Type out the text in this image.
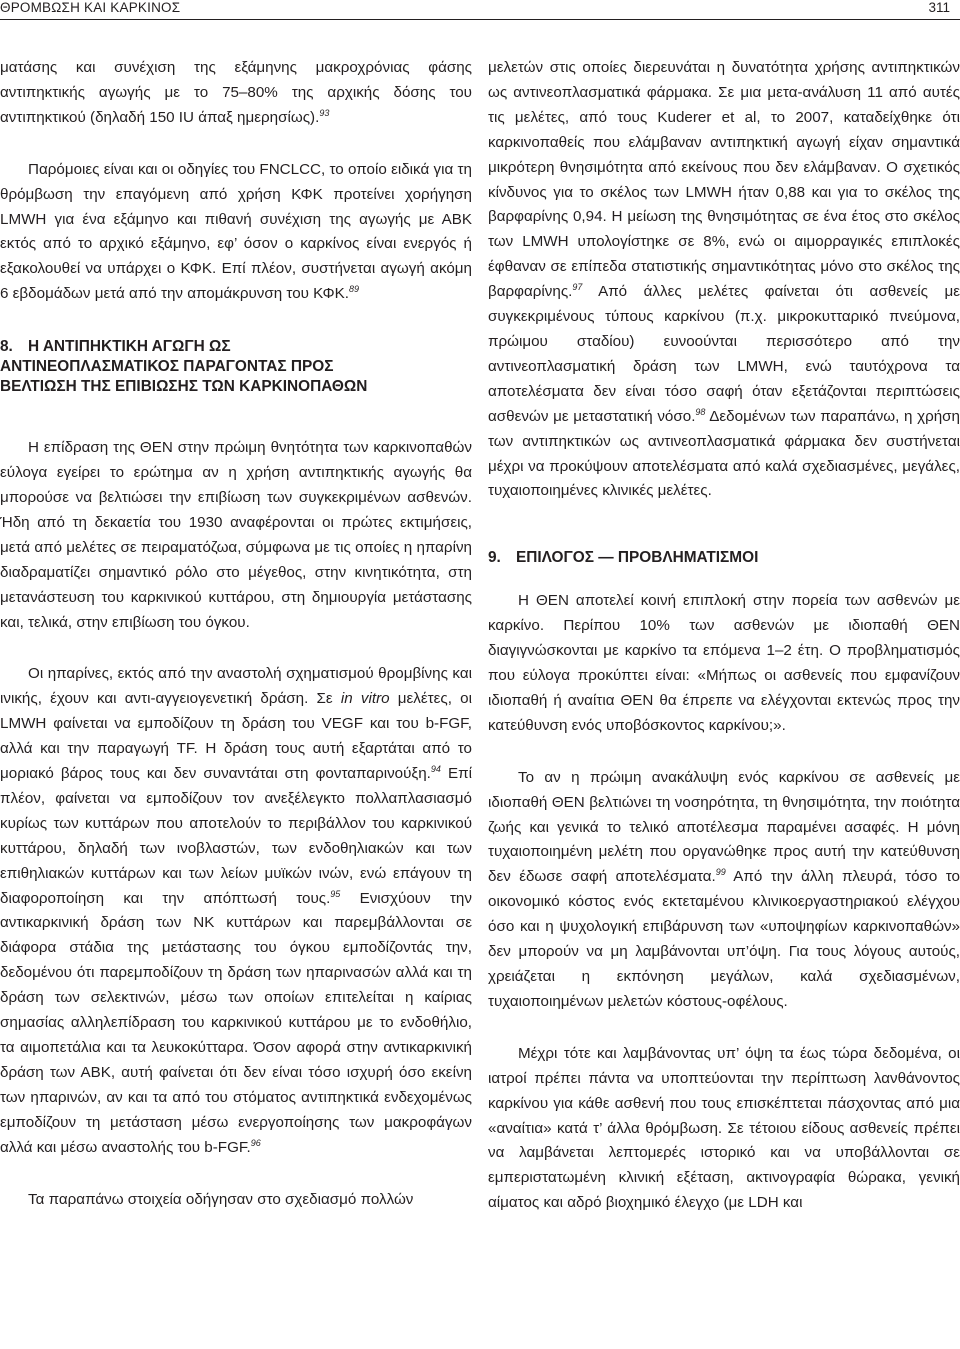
ΘΡΟΜΒΩΣΗ ΚΑΙ ΚΑΡΚΙΝΟΣ	311

ματάσης και συνέχιση της εξάμηνης μακροχρόνιας φάσης αντιπηκτικής αγωγής με το 75–80% της αρχικής δόσης του αντιπηκτικού (δηλαδή 150 IU άπαξ ημερησίως).$^{93}$

Παρόμοιες είναι και οι οδηγίες του FNCLCC, το οποίο ειδικά για τη θρόμβωση την επαγόμενη από χρήση ΚΦΚ προτείνει χορήγηση LMWH για ένα εξάμηνο και πιθανή συνέχιση της αγωγής με ΑΒΚ εκτός από το αρχικό εξάμηνο, εφ’ όσον ο καρκίνος είναι ενεργός ή εξακολουθεί να υπάρχει ο ΚΦΚ. Επί πλέον, συστήνεται αγωγή ακόμη 6 εβδομάδων μετά από την απομάκρυνση του ΚΦΚ.$^{89}$

8. Η ΑΝΤΙΠΗΚΤΙΚΗ ΑΓΩΓΗ ΩΣ
ΑΝΤΙΝΕΟΠΛΑΣΜΑΤΙΚΟΣ ΠΑΡΑΓΟΝΤΑΣ ΠΡΟΣ
ΒΕΛΤΙΩΣΗ ΤΗΣ ΕΠΙΒΙΩΣΗΣ ΤΩΝ ΚΑΡΚΙΝΟΠΑΘΩΝ

Η επίδραση της ΘΕΝ στην πρώιμη θνητότητα των καρκινοπαθών εύλογα εγείρει το ερώτημα αν η χρήση αντιπηκτικής αγωγής θα μπορούσε να βελτιώσει την επιβίωση των συγκεκριμένων ασθενών. Ήδη από τη δεκαετία του 1930 αναφέρονται οι πρώτες εκτιμήσεις, μετά από μελέτες σε πειραματόζωα, σύμφωνα με τις οποίες η ηπαρίνη διαδραματίζει σημαντικό ρόλο στο μέγεθος, στην κινητικότητα, στη μετανάστευση του καρκινικού κυττάρου, στη δημιουργία μετάστασης και, τελικά, στην επιβίωση του όγκου.

Οι ηπαρίνες, εκτός από την αναστολή σχηματισμού θρομβίνης και ινικής, έχουν και αντι-αγγειογενετική δράση. Σε in vitro μελέτες, οι LMWH φαίνεται να εμποδίζουν τη δράση του VEGF και του b-FGF, αλλά και την παραγωγή TF. Η δράση τους αυτή εξαρτάται από το μοριακό βάρος τους και δεν συναντάται στη φονταπαρινούξη.$^{94}$ Επί πλέον, φαίνεται να εμποδίζουν τον ανεξέλεγκτο πολλαπλασιασμό κυρίως των κυττάρων που αποτελούν το περιβάλλον του καρκινικού κυττάρου, δηλαδή των ινοβλαστών, των ενδοθηλιακών και των επιθηλιακών κυττάρων και των λείων μυϊκών ινών, ενώ επάγουν τη διαφοροποίηση και την απόπτωσή τους.$^{95}$ Ενισχύουν την αντικαρκινική δράση των NK κυττάρων και παρεμβάλλονται σε διάφορα στάδια της μετάστασης του όγκου εμποδίζοντάς την, δεδομένου ότι παρεμποδίζουν τη δράση των ηπαρινασών αλλά και τη δράση των σελεκτινών, μέσω των οποίων επιτελείται η καίριας σημασίας αλληλεπίδραση του καρκινικού κυττάρου με το ενδοθήλιο, τα αιμοπετάλια και τα λευκοκύτταρα. Όσον αφορά στην αντικαρκινική δράση των ΑΒΚ, αυτή φαίνεται ότι δεν είναι τόσο ισχυρή όσο εκείνη των ηπαρινών, αν και τα από του στόματος αντιπηκτικά ενδεχομένως εμποδίζουν τη μετάσταση μέσω ενεργοποίησης των μακροφάγων αλλά και μέσω αναστολής του b-FGF.$^{96}$

Τα παραπάνω στοιχεία οδήγησαν στο σχεδιασμό πολλών

μελετών στις οποίες διερευνάται η δυνατότητα χρήσης αντιπηκτικών ως αντινεοπλασματικά φάρμακα. Σε μια μετα-ανάλυση 11 από αυτές τις μελέτες, από τους Kuderer et al, το 2007, καταδείχθηκε ότι καρκινοπαθείς που ελάμβαναν αντιπηκτική αγωγή είχαν σημαντικά μικρότερη θνησιμότητα από εκείνους που δεν ελάμβαναν. Ο σχετικός κίνδυνος για το σκέλος των LMWH ήταν 0,88 και για το σκέλος της βαρφαρίνης 0,94. Η μείωση της θνησιμότητας σε ένα έτος στο σκέλος των LMWH υπολογίστηκε σε 8%, ενώ οι αιμορραγικές επιπλοκές έφθαναν σε επίπεδα στατιστικής σημαντικότητας μόνο στο σκέλος της βαρφαρίνης.$^{97}$ Από άλλες μελέτες φαίνεται ότι ασθενείς με συγκεκριμένους τύπους καρκίνου (π.χ. μικροκυτταρικό πνεύμονα, πρώιμου σταδίου) ευνοούνται περισσότερο από την αντινεοπλασματική δράση των LMWH, ενώ ταυτόχρονα τα αποτελέσματα δεν είναι τόσο σαφή όταν εξετάζονται περιπτώσεις ασθενών με μεταστατική νόσο.$^{98}$ Δεδομένων των παραπάνω, η χρήση των αντιπηκτικών ως αντινεοπλασματικά φάρμακα δεν συστήνεται μέχρι να προκύψουν αποτελέσματα από καλά σχεδιασμένες, μεγάλες, τυχαιοποιημένες κλινικές μελέτες.

9. ΕΠΙΛΟΓΟΣ — ΠΡΟΒΛΗΜΑΤΙΣΜΟΙ

Η ΘΕΝ αποτελεί κοινή επιπλοκή στην πορεία των ασθενών με καρκίνο. Περίπου 10% των ασθενών με ιδιοπαθή ΘΕΝ διαγιγνώσκονται με καρκίνο τα επόμενα 1–2 έτη. Ο προβληματισμός που εύλογα προκύπτει είναι: «Μήπως οι ασθενείς που εμφανίζουν ιδιοπαθή ή αναίτια ΘΕΝ θα έπρεπε να ελέγχονται εκτενώς προς την κατεύθυνση ενός υποβόσκοντος καρκίνου;».

Το αν η πρώιμη ανακάλυψη ενός καρκίνου σε ασθενείς με ιδιοπαθή ΘΕΝ βελτιώνει τη νοσηρότητα, τη θνησιμότητα, την ποιότητα ζωής και γενικά το τελικό αποτέλεσμα παραμένει ασαφές. Η μόνη τυχαιοποιημένη μελέτη που οργανώθηκε προς αυτή την κατεύθυνση δεν έδωσε σαφή αποτελέσματα.$^{99}$ Από την άλλη πλευρά, τόσο το οικονομικό κόστος ενός εκτεταμένου κλινικοεργαστηριακού ελέγχου όσο και η ψυχολογική επιβάρυνση των «υποψηφίων καρκινοπαθών» δεν μπορούν να μη λαμβάνονται υπ’όψη. Για τους λόγους αυτούς, χρειάζεται η εκπόνηση μεγάλων, καλά σχεδιασμένων, τυχαιοποιημένων μελετών κόστους-οφέλους.

Μέχρι τότε και λαμβάνοντας υπ’ όψη τα έως τώρα δεδομένα, οι ιατροί πρέπει πάντα να υποπτεύονται την περίπτωση λανθάνοντος καρκίνου για κάθε ασθενή που τους επισκέπτεται πάσχοντας από μια «αναίτια» κατά τ’ άλλα θρόμβωση. Σε τέτοιου είδους ασθενείς πρέπει να λαμβάνεται λεπτομερές ιστορικό και να υποβάλλονται σε εμπεριστατωμένη κλινική εξέταση, ακτινογραφία θώρακα, γενική αίματος και αδρό βιοχημικό έλεγχο (με LDH και
